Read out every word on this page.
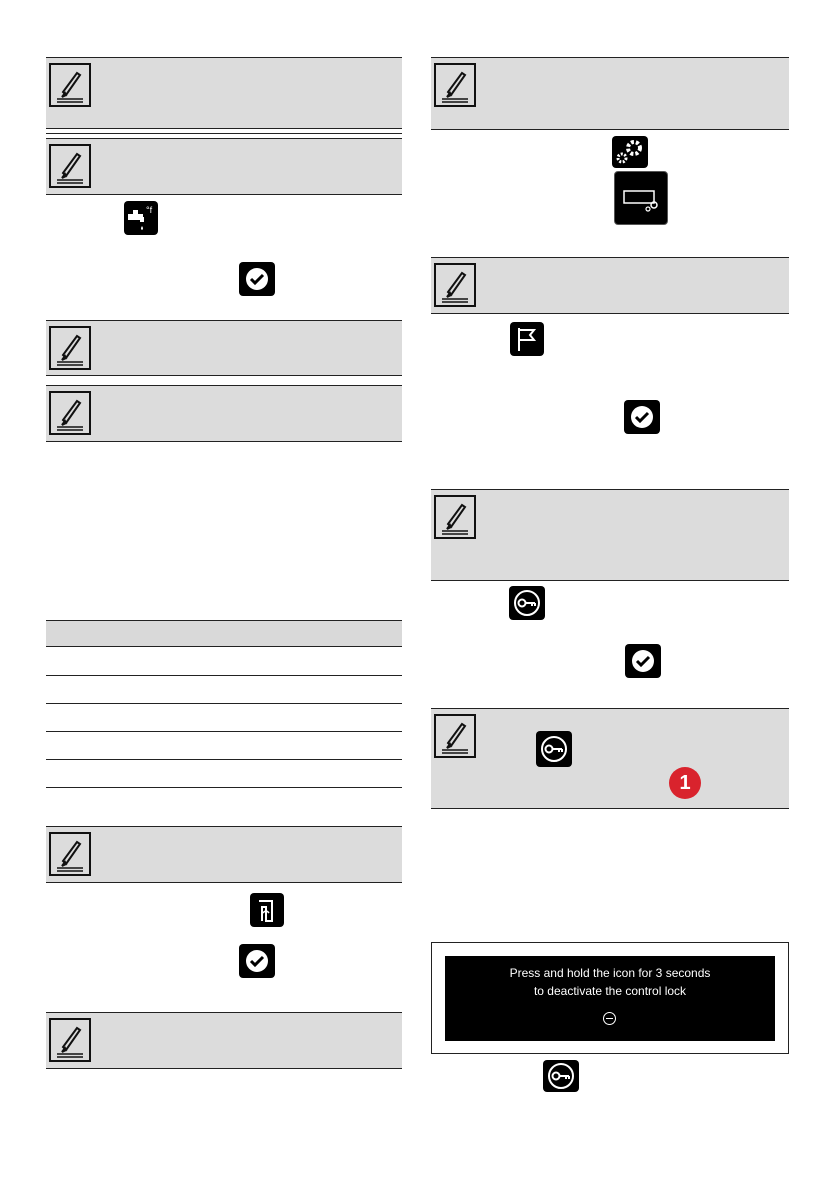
°f
1
Press and hold the icon for 3 seconds
to deactivate the control lock
